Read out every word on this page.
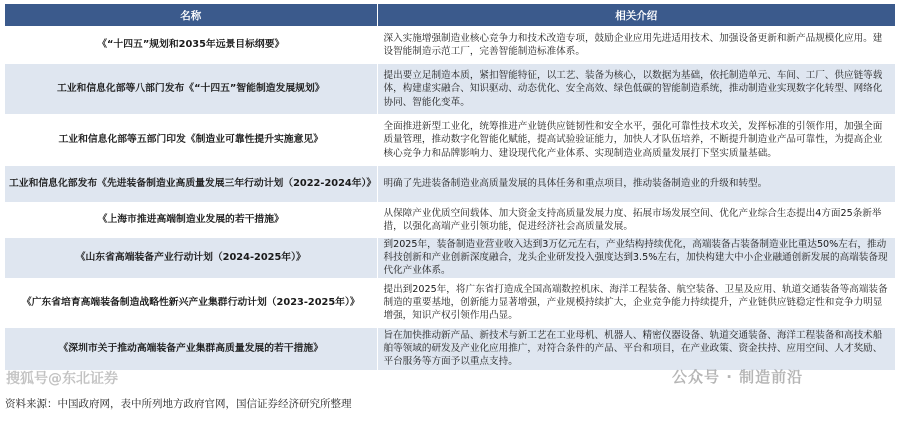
名称	相关介绍
《“十四五”规划和2035年远景目标纲要》	深入实施增强制造业核心竞争力和技术改造专项，鼓励企业应用先进适用技术、加强设备更新和新产品规模化应用。建设智能制造示范工厂，完善智能制造标准体系。
工业和信息化部等八部门发布《“十四五”智能制造发展规划》	提出要立足制造本质，紧扣智能特征，以工艺、装备为核心，以数据为基础，依托制造单元、车间、工厂、供应链等载体，构建虚实融合、知识驱动、动态优化、安全高效、绿色低碳的智能制造系统，推动制造业实现数字化转型、网络化协同、智能化变革。
工业和信息化部等五部门印发《制造业可靠性提升实施意见》	全面推进新型工业化，统筹推进产业链供应链韧性和安全水平，强化可靠性技术攻关，发挥标准的引领作用，加强全面质量管理，推动数字化智能化赋能，提高试验验证能力，加快人才队伍培养，不断提升制造业产品可靠性，为提高企业核心竞争力和品牌影响力、建设现代化产业体系、实现制造业高质量发展打下坚实质量基础。
工业和信息化部发布《先进装备制造业高质量发展三年行动计划（2022-2024年）》	明确了先进装备制造业高质量发展的具体任务和重点项目，推动装备制造业的升级和转型。
《上海市推进高端制造业发展的若干措施》	从保障产业优质空间载体、加大资金支持高质量发展力度、拓展市场发展空间、优化产业综合生态提出4方面25条新举措，以强化高端产业引领功能，促进经济社会高质量发展。
《山东省高端装备产业行动计划（2024-2025年）》	到2025年，装备制造业营业收入达到3万亿元左右，产业结构持续优化，高端装备占装备制造业比重达50%左右，推动科技创新和产业创新深度融合，龙头企业研发投入强度达到3.5%左右，加快构建大中小企业融通创新发展的高端装备现代化产业体系。
《广东省培育高端装备制造战略性新兴产业集群行动计划（2023-2025年）》	提出到2025年，将广东省打造成全国高端数控机床、海洋工程装备、航空装备、卫星及应用、轨道交通装备等高端装备制造的重要基地，创新能力显著增强，产业规模持续扩大，企业竞争能力持续提升，产业链供应链稳定性和竞争力明显增强，知识产权引领作用凸显。
《深圳市关于推动高端装备产业集群高质量发展的若干措施》	旨在加快推动新产品、新技术与新工艺在工业母机、机器人、精密仪器设备、轨道交通装备、海洋工程装备和高技术船舶等领域的研发及产业化应用推广，对符合条件的产品、平台和项目，在产业政策、资金扶持、应用空间、人才奖励、平台服务等方面予以重点支持。
搜狐号@东北证券	公众号 · 制造前沿
资料来源：中国政府网，表中所列地方政府官网，国信证券经济研究所整理
